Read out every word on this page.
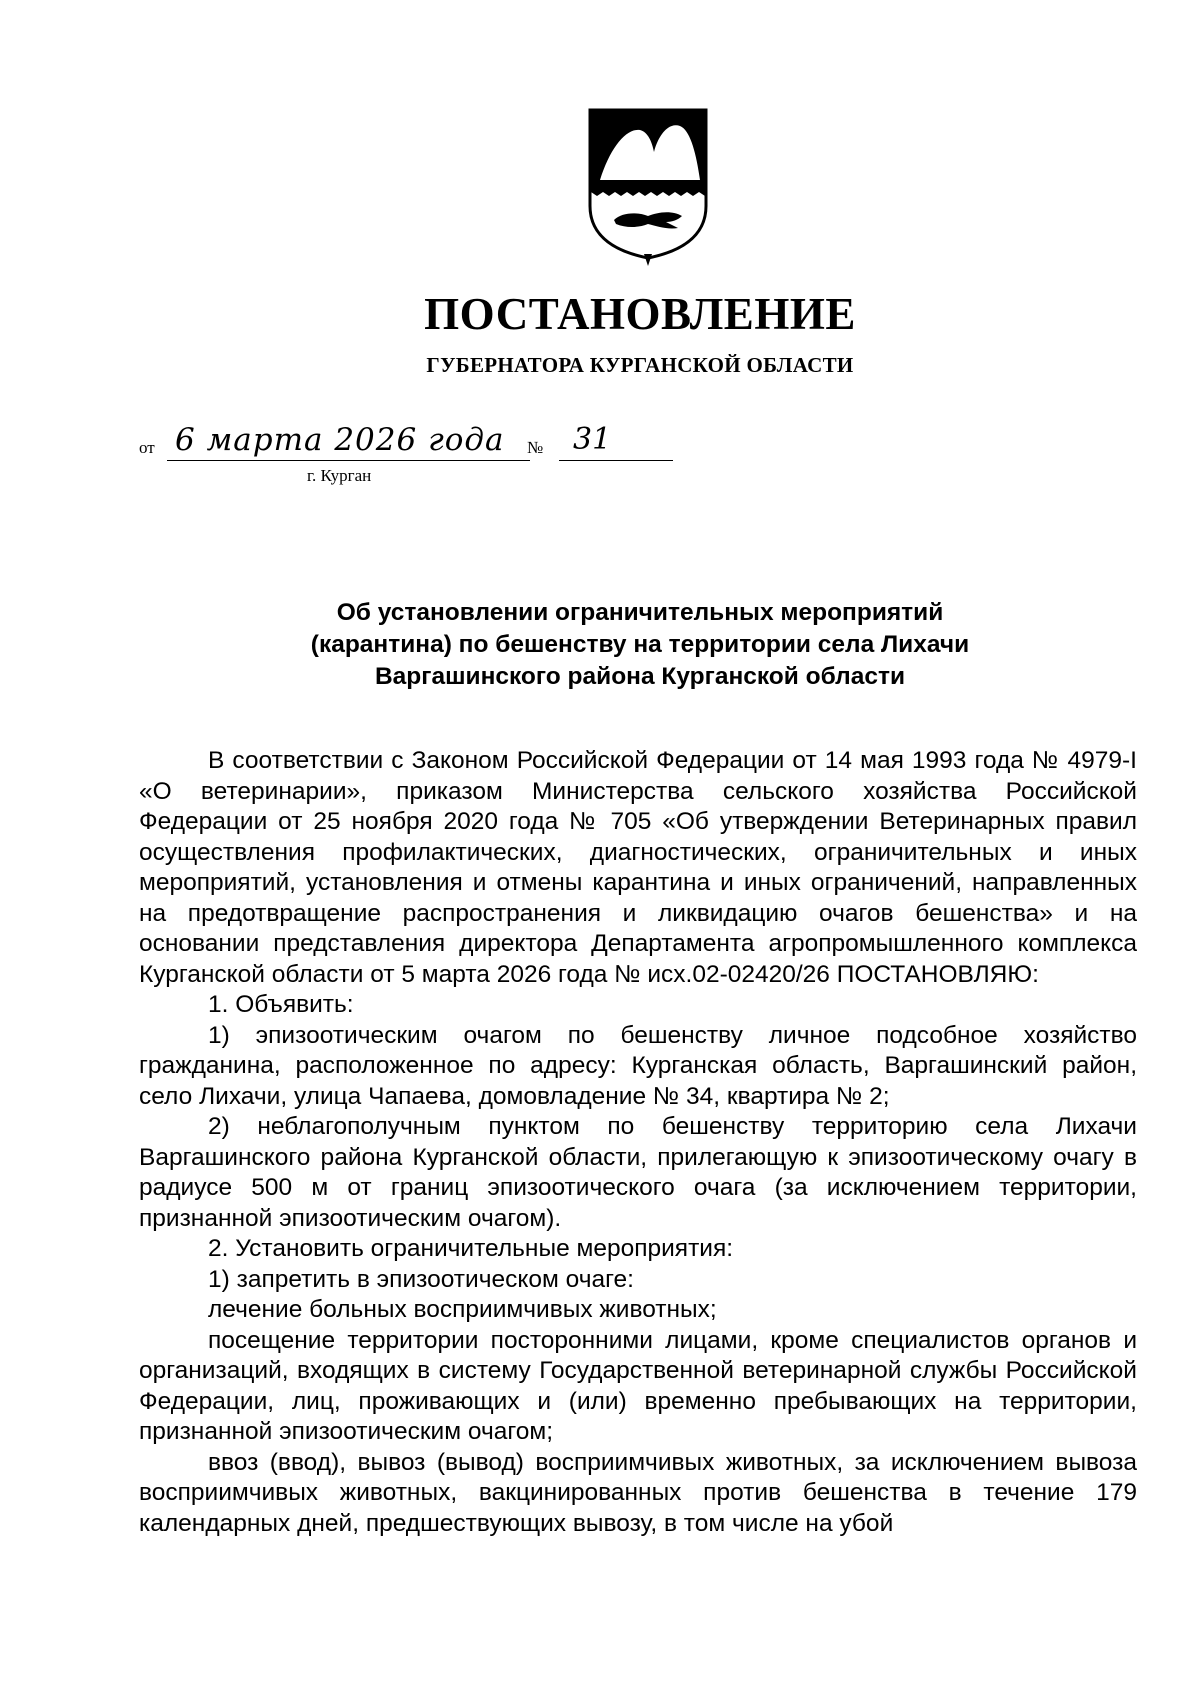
ПОСТАНОВЛЕНИЕ
ГУБЕРНАТОРА КУРГАНСКОЙ ОБЛАСТИ
от 6 марта 2026 года	№ 31
г. Курган
Об установлении ограничительных мероприятий
(карантина) по бешенству на территории села Лихачи
Варгашинского района Курганской области

В соответствии с Законом Российской Федерации от 14 мая 1993 года № 4979-I «О ветеринарии», приказом Министерства сельского хозяйства Российской Федерации от 25 ноября 2020 года № 705 «Об утверждении Ветеринарных правил осуществления профилактических, диагностических, ограничительных и иных мероприятий, установления и отмены карантина и иных ограничений, направленных на предотвращение распространения и ликвидацию очагов бешенства» и на основании представления директора Департамента агропромышленного комплекса Курганской области от 5 марта 2026 года № исх.02-02420/26 ПОСТАНОВЛЯЮ:

1. Объявить:

1) эпизоотическим очагом по бешенству личное подсобное хозяйство гражданина, расположенное по адресу: Курганская область, Варгашинский район, село Лихачи, улица Чапаева, домовладение № 34, квартира № 2;

2) неблагополучным пунктом по бешенству территорию села Лихачи Варгашинского района Курганской области, прилегающую к эпизоотическому очагу в радиусе 500 м от границ эпизоотического очага (за исключением территории, признанной эпизоотическим очагом).

2. Установить ограничительные мероприятия:

1) запретить в эпизоотическом очаге:

лечение больных восприимчивых животных;

посещение территории посторонними лицами, кроме специалистов органов и организаций, входящих в систему Государственной ветеринарной службы Российской Федерации, лиц, проживающих и (или) временно пребывающих на территории, признанной эпизоотическим очагом;

ввоз (ввод), вывоз (вывод) восприимчивых животных, за исключением вывоза восприимчивых животных, вакцинированных против бешенства в течение 179 календарных дней, предшествующих вывозу, в том числе на убой
